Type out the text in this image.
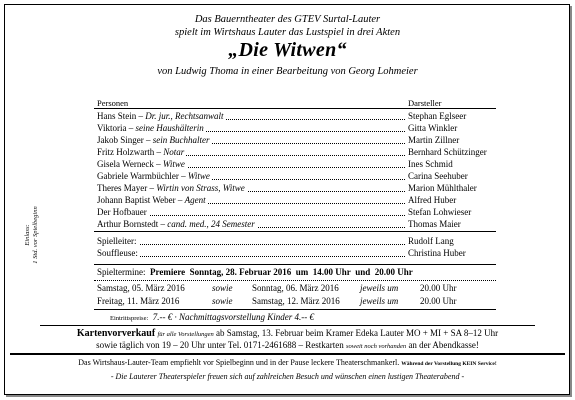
Das Bauerntheater des GTEV Surtal-Lauter
spielt im Wirtshaus Lauter das Lustspiel in drei Akten
„Die Witwen“
von Ludwig Thoma in einer Bearbeitung von Georg Lohmeier
Personen	Darsteller
Hans Stein – Dr. jur., Rechtsanwalt	Stephan Eglseer
Viktoria – seine Haushälterin	Gitta Winkler
Jakob Singer – sein Buchhalter	Martin Zillner
Fritz Holzwarth – Notar	Bernhard Schützinger
Gisela Werneck – Witwe	Ines Schmid
Gabriele Warmbüchler – Witwe	Carina Seehuber
Theres Mayer – Wirtin von Strass, Witwe	Marion Mühlthaler
Johann Baptist Weber – Agent	Alfred Huber
Der Hofbauer	Stefan Lohwieser
Arthur Bornstedt – cand. med., 24 Semester	Thomas Maier
Spielleiter:	Rudolf Lang
Souffleuse:	Christina Huber
Einlass: 1 Std. vor Spielbeginn
Spieltermine: Premiere Sonntag, 28. Februar 2016 um 14.00 Uhr und 20.00 Uhr
Samstag, 05. März 2016	sowie Sonntag, 06. März 2016 jeweils um 20.00 Uhr
Freitag, 11. März 2016	sowie Samstag, 12. März 2016 jeweils um 20.00 Uhr
Eintrittspreise: 7.-- € · Nachmittagsvorstellung Kinder 4.-- €
Kartenvorverkauf für alle Vorstellungen ab Samstag, 13. Februar beim Kramer Edeka Lauter MO + MI + SA 8–12 Uhr
sowie täglich von 19 – 20 Uhr unter Tel. 0171-2461688 – Restkarten soweit noch vorhanden an der Abendkasse!
Das Wirtshaus-Lauter-Team empfiehlt vor Spielbeginn und in der Pause leckere Theaterschmankerl. Während der Vorstellung KEIN Service!
- Die Lauterer Theaterspieler freuen sich auf zahlreichen Besuch und wünschen einen lustigen Theaterabend -
